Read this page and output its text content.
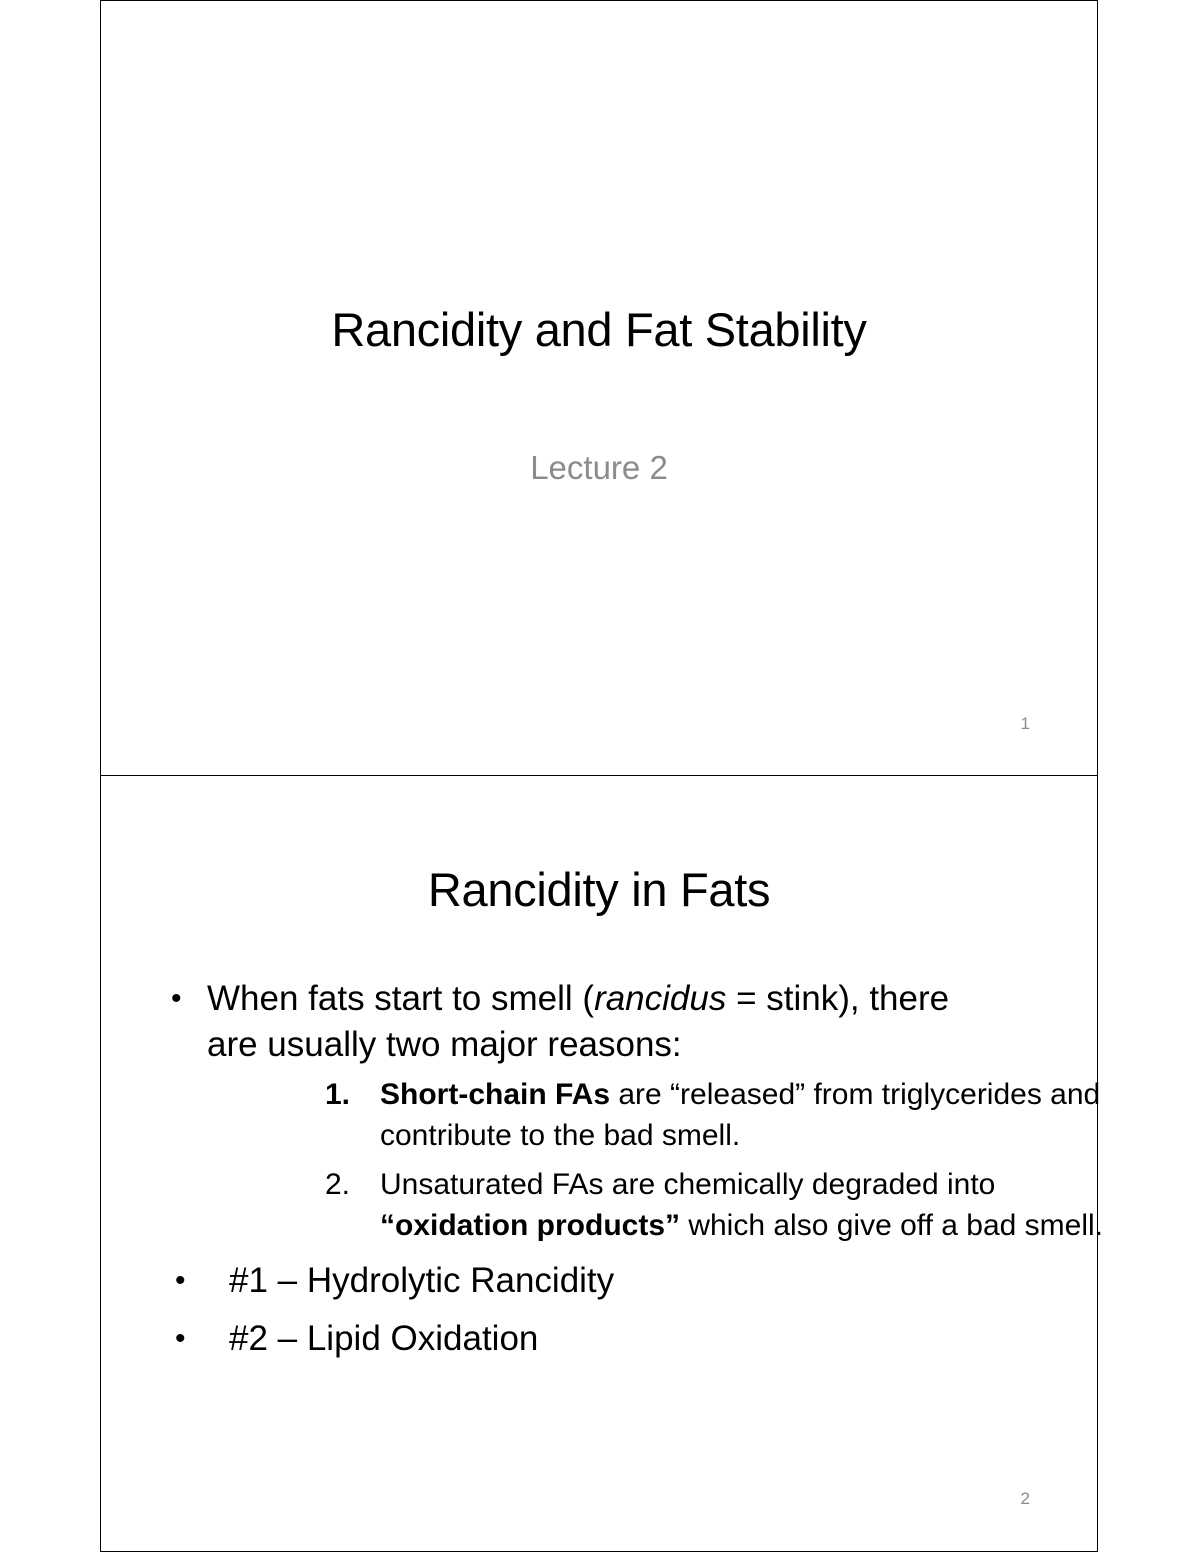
Rancidity and Fat Stability

Lecture 2

1
Rancidity in Fats
• When fats start to smell (rancidus = stink), there are usually two major reasons:
1. Short-chain FAs are “released” from triglycerides and contribute to the bad smell.
2. Unsaturated FAs are chemically degraded into “oxidation products” which also give off a bad smell.
• #1 – Hydrolytic Rancidity
• #2 – Lipid Oxidation
2
